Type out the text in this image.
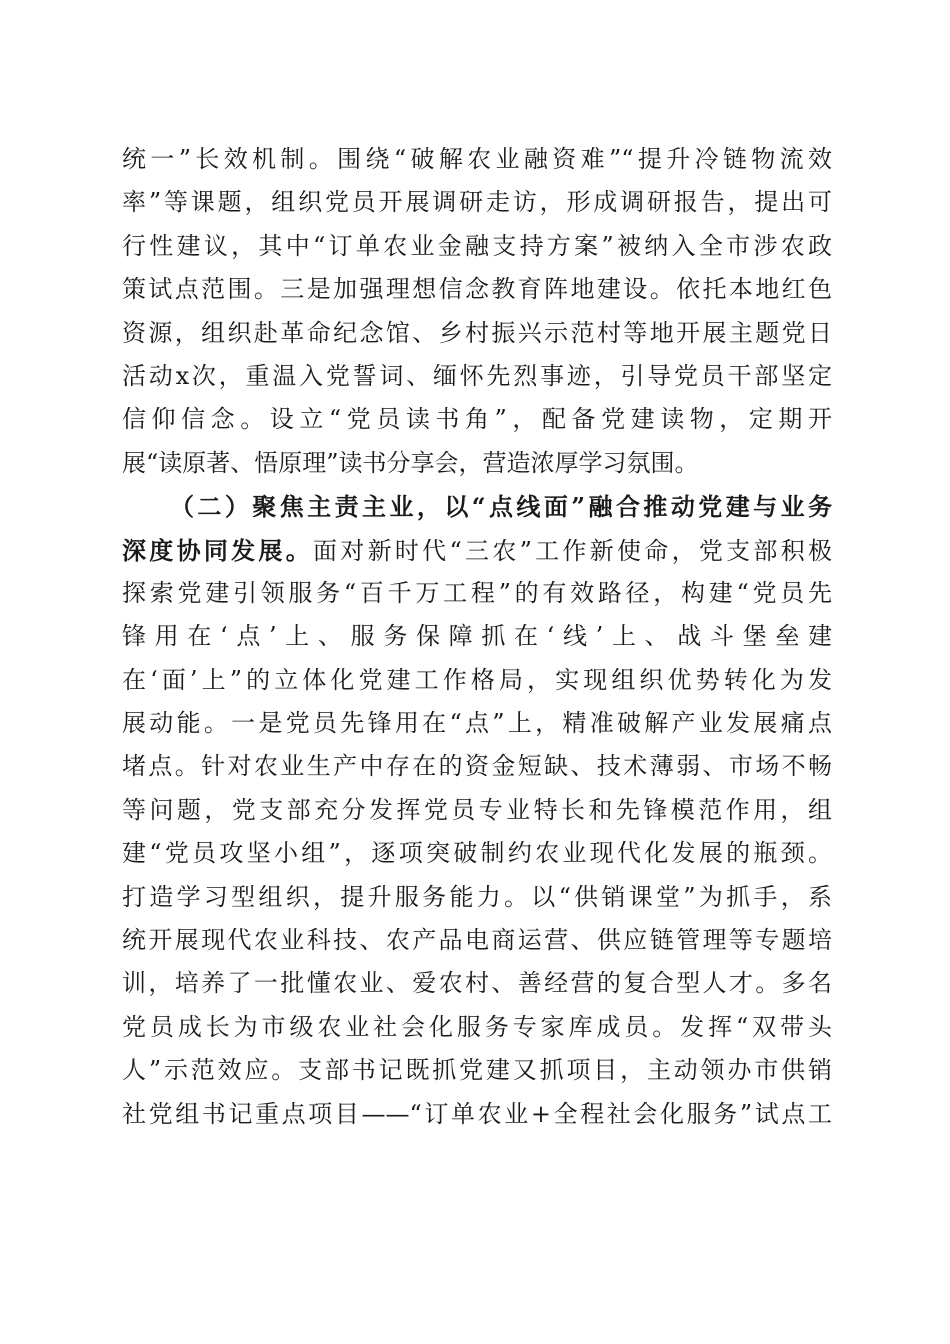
统一”长效机制。围绕“破解农业融资难”“提升冷链物流效
率”等课题，组织党员开展调研走访，形成调研报告，提出可
行性建议，其中“订单农业金融支持方案”被纳入全市涉农政
策试点范围。三是加强理想信念教育阵地建设。依托本地红色
资源，组织赴革命纪念馆、乡村振兴示范村等地开展主题党日
活动x次，重温入党誓词、缅怀先烈事迹，引导党员干部坚定
信仰信念。设立“党员读书角”，配备党建读物，定期开
展“读原著、悟原理”读书分享会，营造浓厚学习氛围。
（二）聚焦主责主业，以“点线面”融合推动党建与业务
深度协同发展。面对新时代“三农”工作新使命，党支部积极
探索党建引领服务“百千万工程”的有效路径，构建“党员先
锋用在‘点’上、服务保障抓在‘线’上、战斗堡垒建
在‘面’上”的立体化党建工作格局，实现组织优势转化为发
展动能。一是党员先锋用在“点”上，精准破解产业发展痛点
堵点。针对农业生产中存在的资金短缺、技术薄弱、市场不畅
等问题，党支部充分发挥党员专业特长和先锋模范作用，组
建“党员攻坚小组”，逐项突破制约农业现代化发展的瓶颈。
打造学习型组织，提升服务能力。以“供销课堂”为抓手，系
统开展现代农业科技、农产品电商运营、供应链管理等专题培
训，培养了一批懂农业、爱农村、善经营的复合型人才。多名
党员成长为市级农业社会化服务专家库成员。发挥“双带头
人”示范效应。支部书记既抓党建又抓项目，主动领办市供销
社党组书记重点项目——“订单农业+全程社会化服务”试点工
